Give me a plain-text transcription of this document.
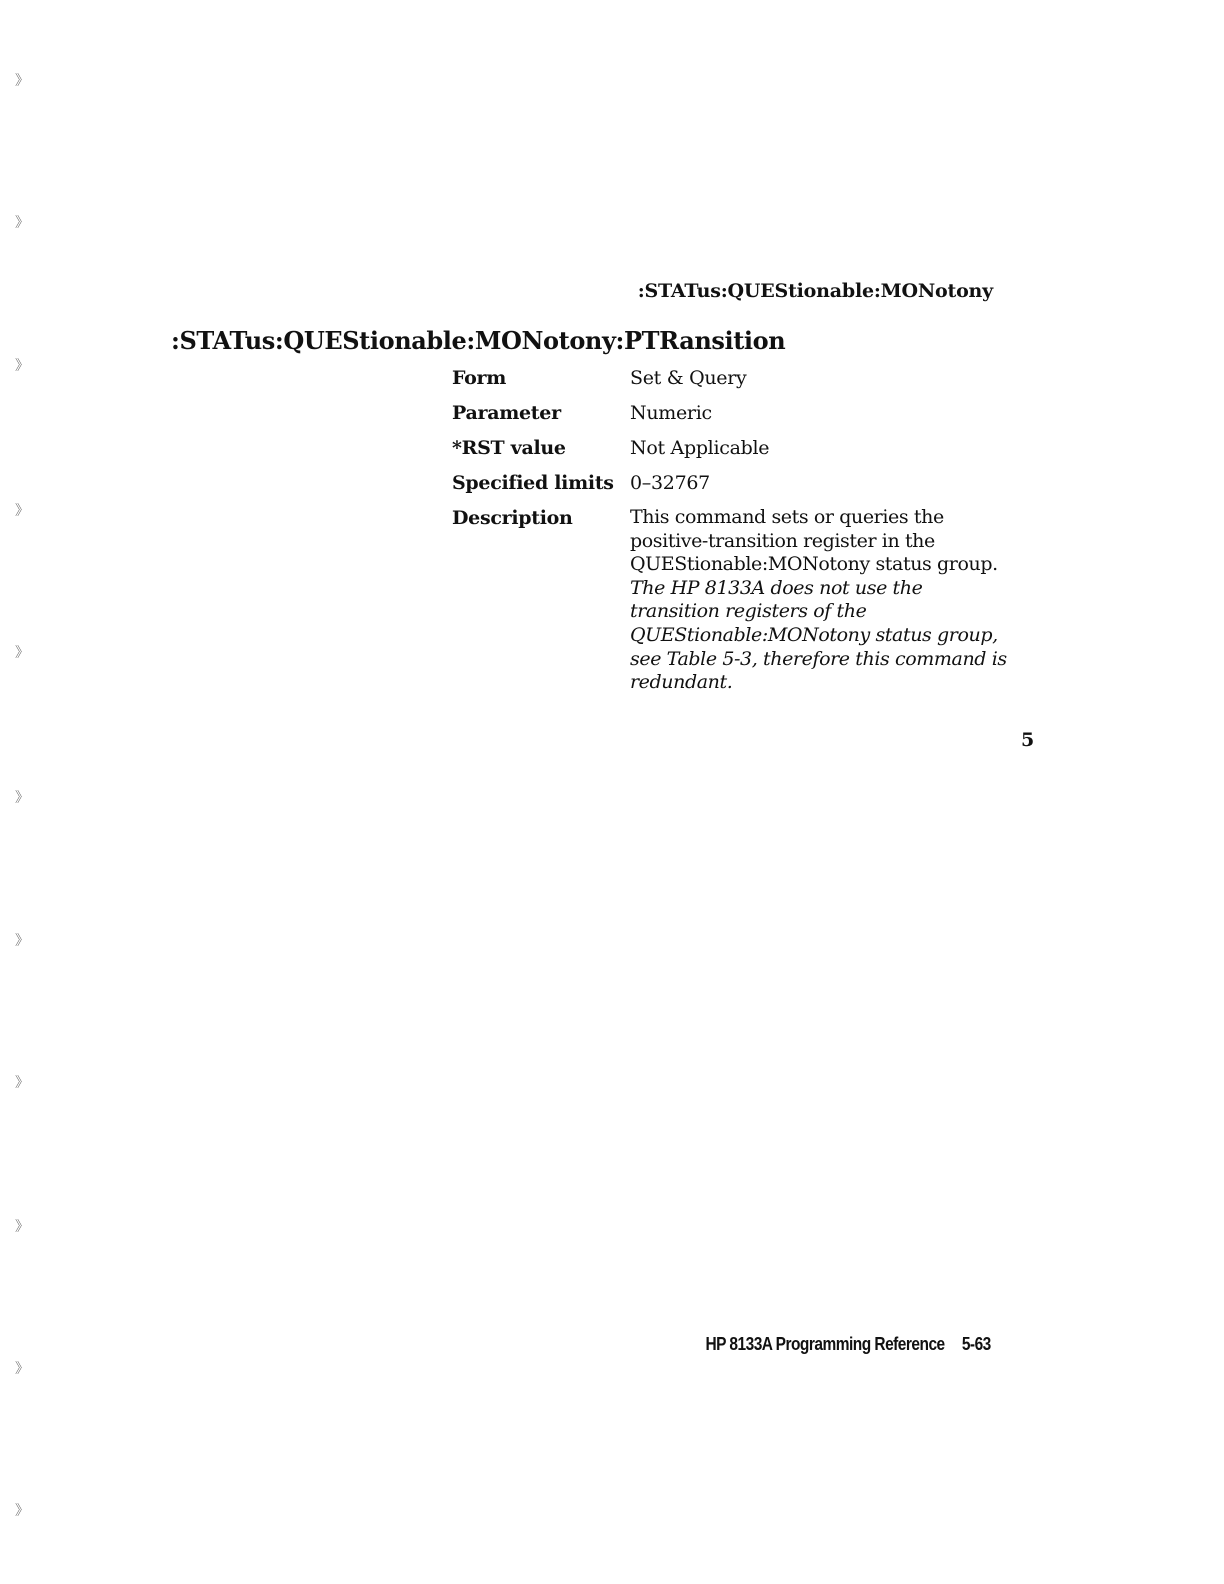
:STATus:QUEStionable:MONotony
:STATus:QUEStionable:MONotony:PTRansition
Form	Set & Query
Parameter	Numeric
*RST value	Not Applicable
Specified limits 0–32767
Description	This command sets or queries the positive-transition register in the QUEStionable:MONotony status group. The HP 8133A does not use the transition registers of the QUEStionable:MONotony status group, see Table 5-3, therefore this command is redundant.
5
HP 8133A Programming Reference 5-63
》
》
》
》
》
》
》
》
》
》
》
